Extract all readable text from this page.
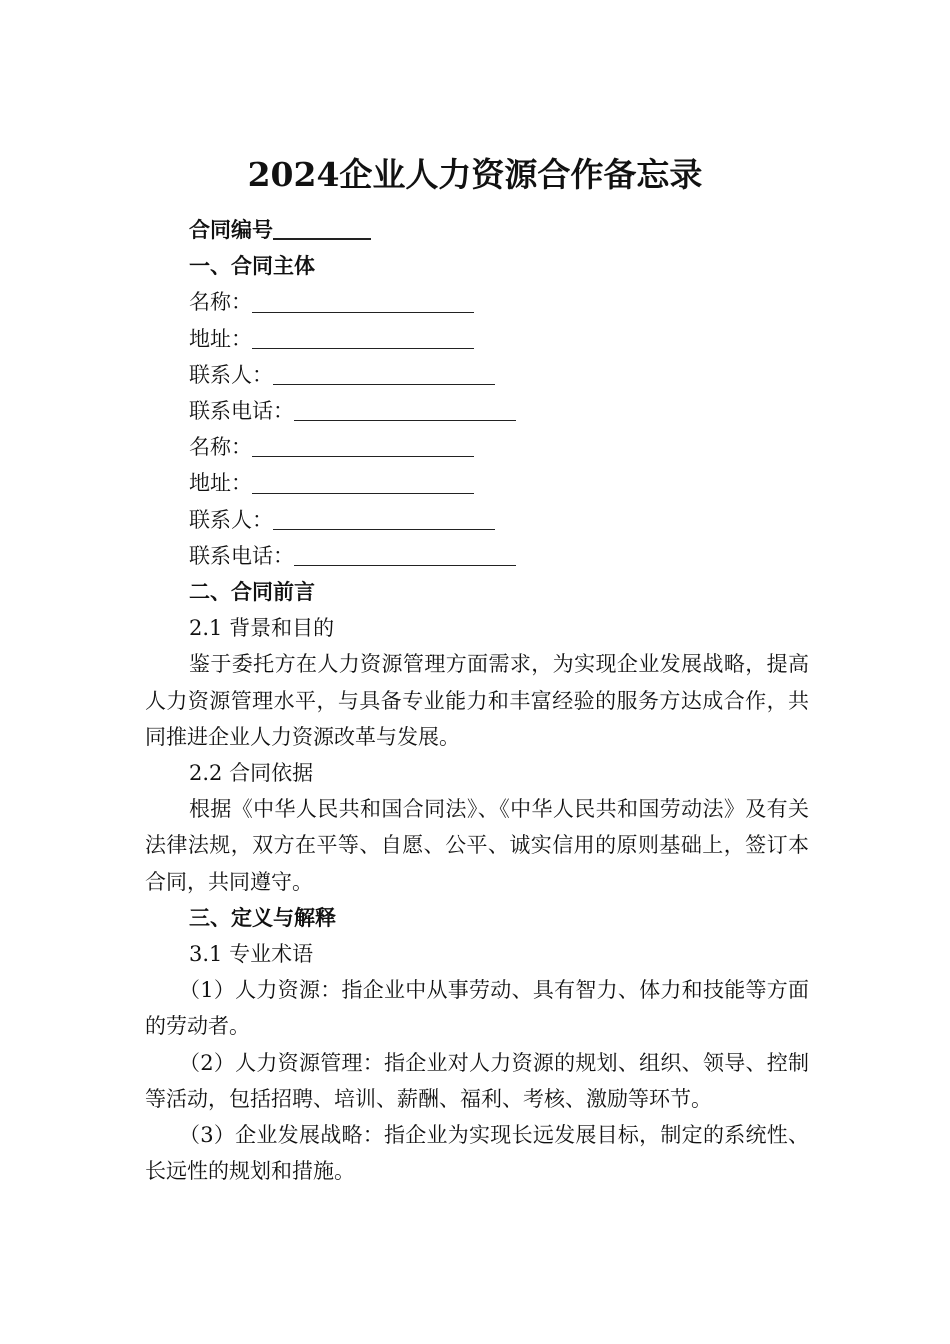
2024企业人力资源合作备忘录
合同编号
一、合同主体
名称：
地址：
联系人：
联系电话：
名称：
地址：
联系人：
联系电话：
二、合同前言
2.1 背景和目的
鉴于委托方在人力资源管理方面需求，为实现企业发展战略，提高人力资源管理水平，与具备专业能力和丰富经验的服务方达成合作，共同推进企业人力资源改革与发展。
2.2 合同依据
根据《中华人民共和国合同法》、《中华人民共和国劳动法》及有关法律法规，双方在平等、自愿、公平、诚实信用的原则基础上，签订本合同，共同遵守。
三、定义与解释
3.1 专业术语
（1）人力资源：指企业中从事劳动、具有智力、体力和技能等方面的劳动者。
（2）人力资源管理：指企业对人力资源的规划、组织、领导、控制等活动，包括招聘、培训、薪酬、福利、考核、激励等环节。
（3）企业发展战略：指企业为实现长远发展目标，制定的系统性、长远性的规划和措施。
